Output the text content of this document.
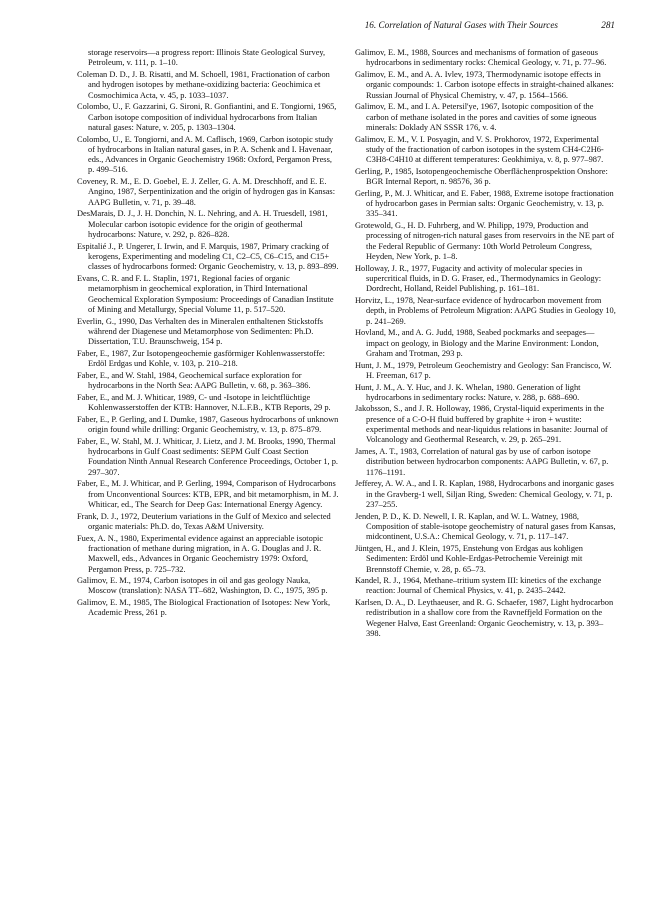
16. Correlation of Natural Gases with Their Sources	281

storage reservoirs—a progress report: Illinois State Geological Survey, Petroleum, v. 111, p. 1–10.

Coleman D. D., J. B. Risatti, and M. Schoell, 1981, Fractionation of carbon and hydrogen isotopes by methane-oxidizing bacteria: Geochimica et Cosmochimica Acta, v. 45, p. 1033–1037.

Colombo, U., F. Gazzarini, G. Sironi, R. Gonfiantini, and E. Tongiorni, 1965, Carbon isotope composition of individual hydrocarbons from Italian natural gases: Nature, v. 205, p. 1303–1304.

Colombo, U., E. Tongiorni, and A. M. Caflisch, 1969, Carbon isotopic study of hydrocarbons in Italian natural gases, in P. A. Schenk and I. Havenaar, eds., Advances in Organic Geochemistry 1968: Oxford, Pergamon Press, p. 499–516.

Coveney, R. M., E. D. Goebel, E. J. Zeller, G. A. M. Dreschhoff, and E. E. Angino, 1987, Serpentinization and the origin of hydrogen gas in Kansas: AAPG Bulletin, v. 71, p. 39–48.

DesMarais, D. J., J. H. Donchin, N. L. Nehring, and A. H. Truesdell, 1981, Molecular carbon isotopic evidence for the origin of geothermal hydrocarbons: Nature, v. 292, p. 826–828.

Espitalié J., P. Ungerer, I. Irwin, and F. Marquis, 1987, Primary cracking of kerogens, Experimenting and modeling C1, C2–C5, C6–C15, and C15+ classes of hydrocarbons formed: Organic Geochemistry, v. 13, p. 893–899.

Evans, C. R. and F. L. Staplin, 1971, Regional facies of organic metamorphism in geochemical exploration, in Third International Geochemical Exploration Symposium: Proceedings of Canadian Institute of Mining and Metallurgy, Special Volume 11, p. 517–520.

Everlin, G., 1990, Das Verhalten des in Mineralen enthaltenen Stickstoffs während der Diagenese und Metamorphose von Sedimenten: Ph.D. Dissertation, T.U. Braunschweig, 154 p.

Faber, E., 1987, Zur Isotopengeochemie gasförmiger Kohlenwasserstoffe: Erdöl Erdgas und Kohle, v. 103, p. 210–218.

Faber, E., and W. Stahl, 1984, Geochemical surface exploration for hydrocarbons in the North Sea: AAPG Bulletin, v. 68, p. 363–386.

Faber, E., and M. J. Whiticar, 1989, C- und -Isotope in leichtflüchtige Kohlenwasserstoffen der KTB: Hannover, N.L.F.B., KTB Reports, 29 p.

Faber, E., P. Gerling, and I. Dumke, 1987, Gaseous hydrocarbons of unknown origin found while drilling: Organic Geochemistry, v. 13, p. 875–879.

Faber, E., W. Stahl, M. J. Whiticar, J. Lietz, and J. M. Brooks, 1990, Thermal hydrocarbons in Gulf Coast sediments: SEPM Gulf Coast Section Foundation Ninth Annual Research Conference Proceedings, October 1, p. 297–307.

Faber, E., M. J. Whiticar, and P. Gerling, 1994, Comparison of Hydrocarbons from Unconventional Sources: KTB, EPR, and bit metamorphism, in M. J. Whiticar, ed., The Search for Deep Gas: International Energy Agency.

Frank, D. J., 1972, Deuterium variations in the Gulf of Mexico and selected organic materials: Ph.D. do, Texas A&M University.

Fuex, A. N., 1980, Experimental evidence against an appreciable isotopic fractionation of methane during migration, in A. G. Douglas and J. R. Maxwell, eds., Advances in Organic Geochemistry 1979: Oxford, Pergamon Press, p. 725–732.

Galimov, E. M., 1974, Carbon isotopes in oil and gas geology Nauka, Moscow (translation): NASA TT–682, Washington, D. C., 1975, 395 p.

Galimov, E. M., 1985, The Biological Fractionation of Isotopes: New York, Academic Press, 261 p.

Galimov, E. M., 1988, Sources and mechanisms of formation of gaseous hydrocarbons in sedimentary rocks: Chemical Geology, v. 71, p. 77–96.

Galimov, E. M., and A. A. Ivlev, 1973, Thermodynamic isotope effects in organic compounds: 1. Carbon isotope effects in straight-chained alkanes: Russian Journal of Physical Chemistry, v. 47, p. 1564–1566.

Galimov, E. M., and I. A. Petersil'ye, 1967, Isotopic composition of the carbon of methane isolated in the pores and cavities of some igneous minerals: Doklady AN SSSR 176, v. 4.

Galimov, E. M., V. I. Posyagin, and V. S. Prokhorov, 1972, Experimental study of the fractionation of carbon isotopes in the system CH4-C2H6-C3H8-C4H10 at different temperatures: Geokhimiya, v. 8, p. 977–987.

Gerling, P., 1985, Isotopengeochemische Oberflächenprospektion Onshore: BGR Internal Report, n. 98576, 36 p.

Gerling, P., M. J. Whiticar, and E. Faber, 1988, Extreme isotope fractionation of hydrocarbon gases in Permian salts: Organic Geochemistry, v. 13, p. 335–341.

Grotewold, G., H. D. Fuhrberg, and W. Philipp, 1979, Production and processing of nitrogen-rich natural gases from reservoirs in the NE part of the Federal Republic of Germany: 10th World Petroleum Congress, Heyden, New York, p. 1–8.

Holloway, J. R., 1977, Fugacity and activity of molecular species in supercritical fluids, in D. G. Fraser, ed., Thermodynamics in Geology: Dordrecht, Holland, Reidel Publishing, p. 161–181.

Horvitz, L., 1978, Near-surface evidence of hydrocarbon movement from depth, in Problems of Petroleum Migration: AAPG Studies in Geology 10, p. 241–269.

Hovland, M., and A. G. Judd, 1988, Seabed pockmarks and seepages—impact on geology, in Biology and the Marine Environment: London, Graham and Trotman, 293 p.

Hunt, J. M., 1979, Petroleum Geochemistry and Geology: San Francisco, W. H. Freeman, 617 p.

Hunt, J. M., A. Y. Huc, and J. K. Whelan, 1980. Generation of light hydrocarbons in sedimentary rocks: Nature, v. 288, p. 688–690.

Jakobsson, S., and J. R. Holloway, 1986, Crystal-liquid experiments in the presence of a C-O-H fluid buffered by graphite + iron + wustite: experimental methods and near-liquidus relations in basanite: Journal of Volcanology and Geothermal Research, v. 29, p. 265–291.

James, A. T., 1983, Correlation of natural gas by use of carbon isotope distribution between hydrocarbon components: AAPG Bulletin, v. 67, p. 1176–1191.

Jefferey, A. W. A., and I. R. Kaplan, 1988, Hydrocarbons and inorganic gases in the Gravberg-1 well, Siljan Ring, Sweden: Chemical Geology, v. 71, p. 237–255.

Jenden, P. D., K. D. Newell, I. R. Kaplan, and W. L. Watney, 1988, Composition of stable-isotope geochemistry of natural gases from Kansas, midcontinent, U.S.A.: Chemical Geology, v. 71, p. 117–147.

Jüntgen, H., and J. Klein, 1975, Enstehung von Erdgas aus kohligen Sedimenten: Erdöl und Kohle-Erdgas-Petrochemie Vereinigt mit Brennstoff Chemie, v. 28, p. 65–73.

Kandel, R. J., 1964, Methane–tritium system III: kinetics of the exchange reaction: Journal of Chemical Physics, v. 41, p. 2435–2442.

Karlsen, D. A., D. Leythaeuser, and R. G. Schaefer, 1987, Light hydrocarbon redistribution in a shallow core from the Ravneffjeld Formation on the Wegener Halvø, East Greenland: Organic Geochemistry, v. 13, p. 393–398.
